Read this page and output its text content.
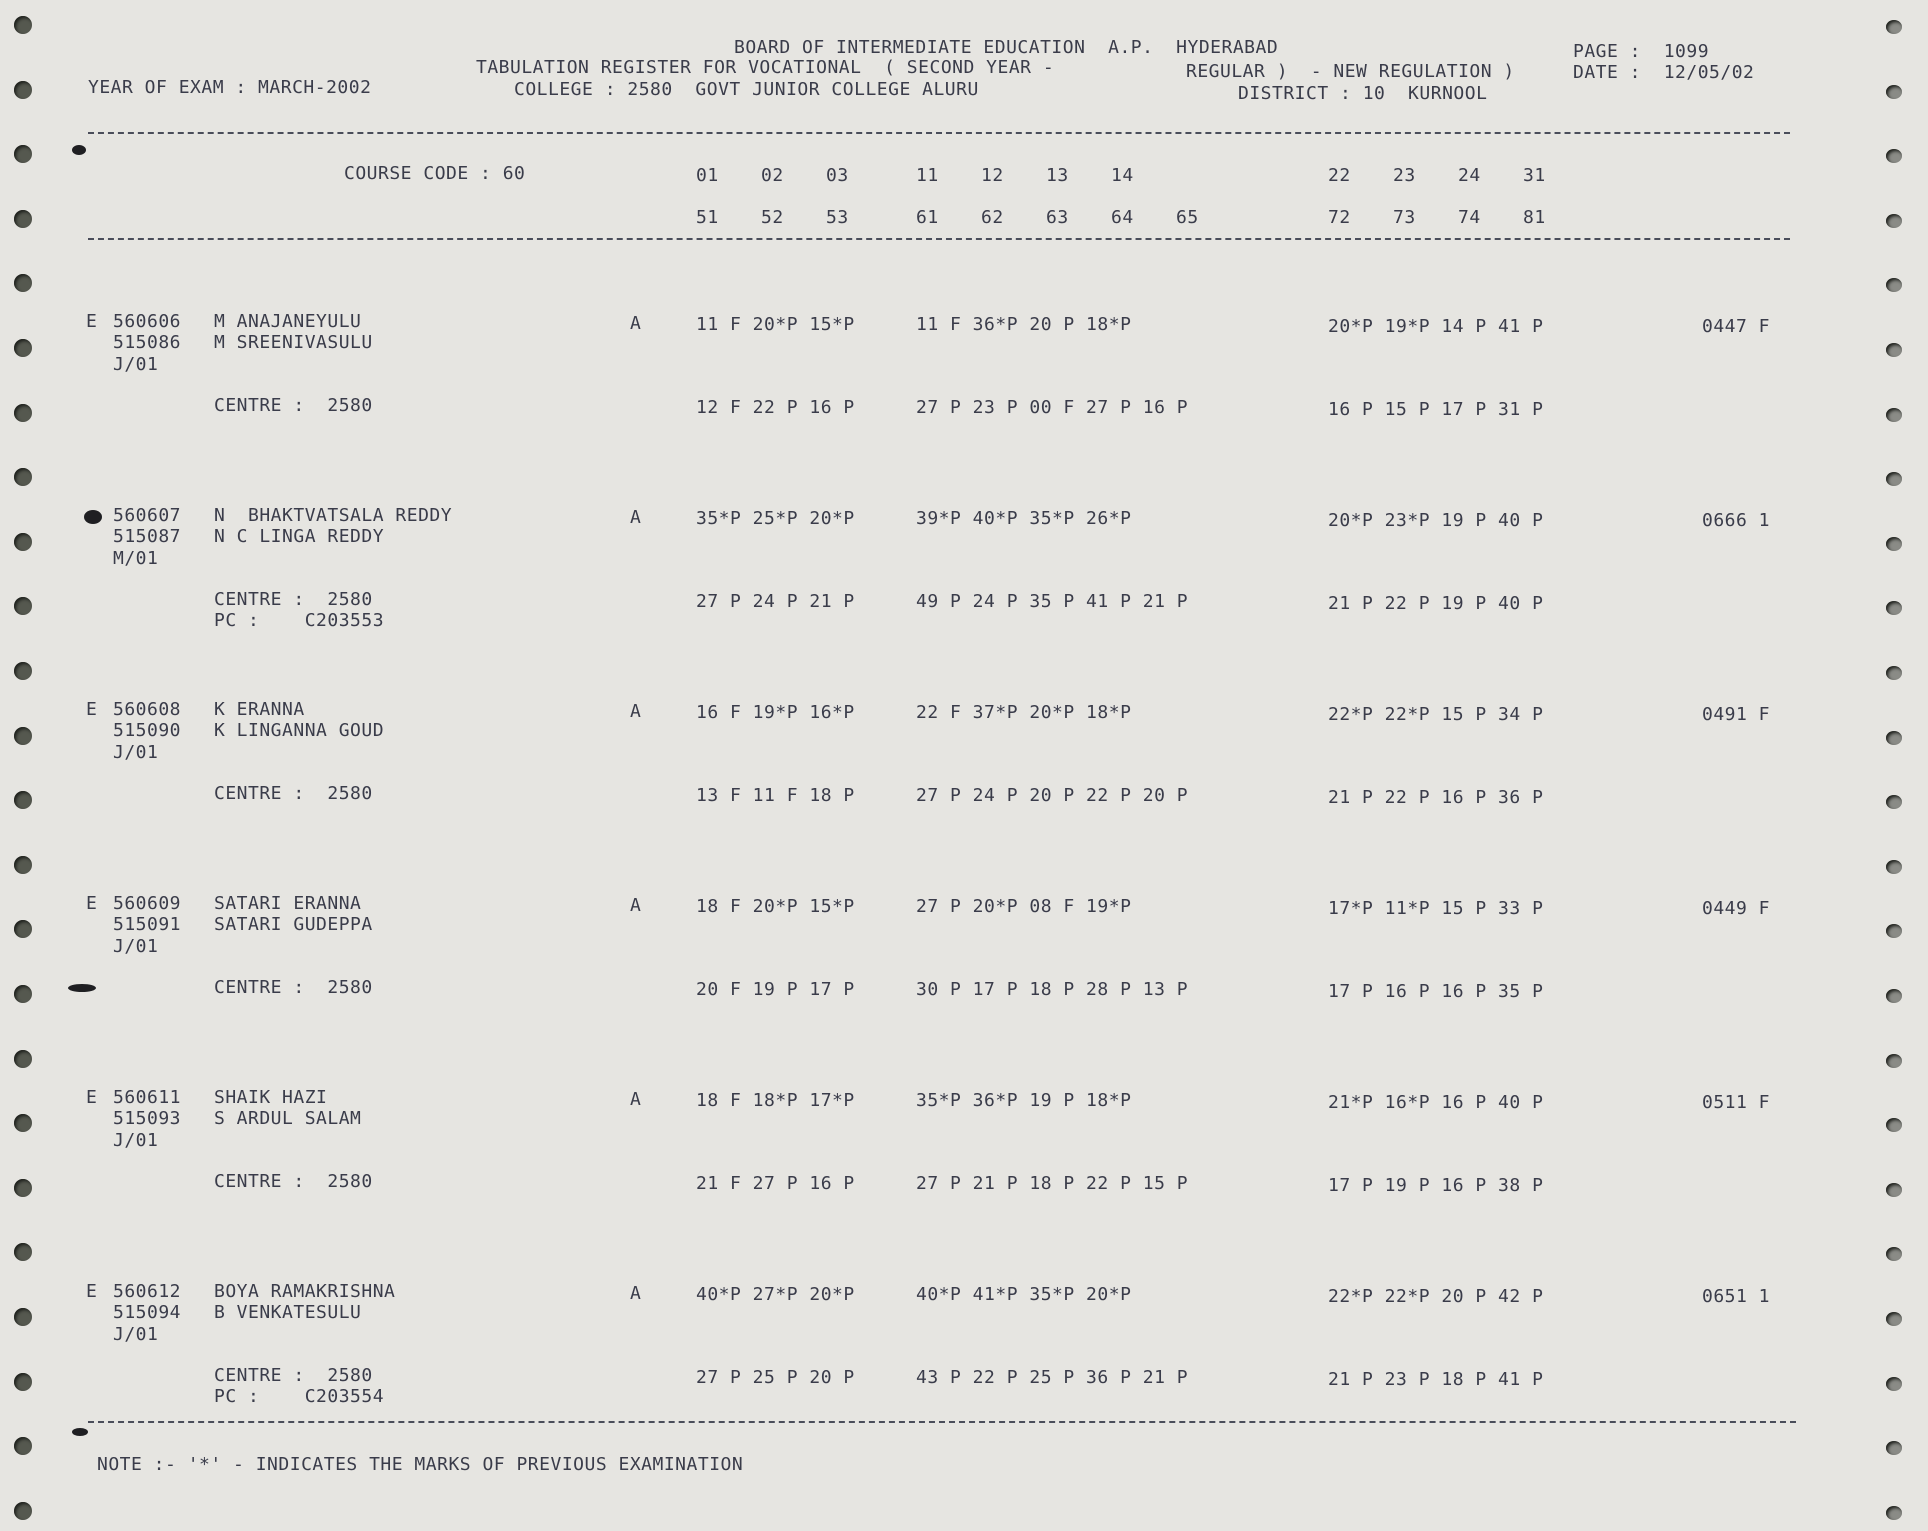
BOARD OF INTERMEDIATE EDUCATION  A.P.  HYDERABAD
TABULATION REGISTER FOR VOCATIONAL  ( SECOND YEAR -	REGULAR )  - NEW REGULATION )
COLLEGE : 2580  GOVT JUNIOR COLLEGE ALURU	DISTRICT : 10  KURNOOL
YEAR OF EXAM : MARCH-2002
PAGE :  1099
DATE :  12/05/02
COURSE CODE : 60	01 02 03	11 12 13 14	22 23 24 31
51 52 53	61 62 63 64 65	72 73 74 81
E 560606
515086
J/01
M ANAJANEYULU
M SREENIVASULU
A	11 F 20*P 15*P	11 F 36*P 20 P 18*P	20*P 19*P 14 P 41 P	0447 F
CENTRE :  2580	12 F 22 P 16 P	27 P 23 P 00 F 27 P 16 P	16 P 15 P 17 P 31 P
560607
515087
M/01
N  BHAKTVATSALA REDDY
N C LINGA REDDY
A	35*P 25*P 20*P	39*P 40*P 35*P 26*P	20*P 23*P 19 P 40 P	0666 1
CENTRE :  2580
PC :    C203553
27 P 24 P 21 P	49 P 24 P 35 P 41 P 21 P	21 P 22 P 19 P 40 P
E 560608
515090
J/01
K ERANNA
K LINGANNA GOUD
A	16 F 19*P 16*P	22 F 37*P 20*P 18*P	22*P 22*P 15 P 34 P	0491 F
CENTRE :  2580	13 F 11 F 18 P	27 P 24 P 20 P 22 P 20 P	21 P 22 P 16 P 36 P
E 560609
515091
J/01
SATARI ERANNA
SATARI GUDEPPA
A	18 F 20*P 15*P	27 P 20*P 08 F 19*P	17*P 11*P 15 P 33 P	0449 F
CENTRE :  2580	20 F 19 P 17 P	30 P 17 P 18 P 28 P 13 P	17 P 16 P 16 P 35 P
E 560611
515093
J/01
SHAIK HAZI
S ARDUL SALAM
A	18 F 18*P 17*P	35*P 36*P 19 P 18*P	21*P 16*P 16 P 40 P	0511 F
CENTRE :  2580	21 F 27 P 16 P	27 P 21 P 18 P 22 P 15 P	17 P 19 P 16 P 38 P
E 560612
515094
J/01
BOYA RAMAKRISHNA
B VENKATESULU
A	40*P 27*P 20*P	40*P 41*P 35*P 20*P	22*P 22*P 20 P 42 P	0651 1
CENTRE :  2580
PC :    C203554
27 P 25 P 20 P	43 P 22 P 25 P 36 P 21 P	21 P 23 P 18 P 41 P
NOTE :- '*' - INDICATES THE MARKS OF PREVIOUS EXAMINATION
